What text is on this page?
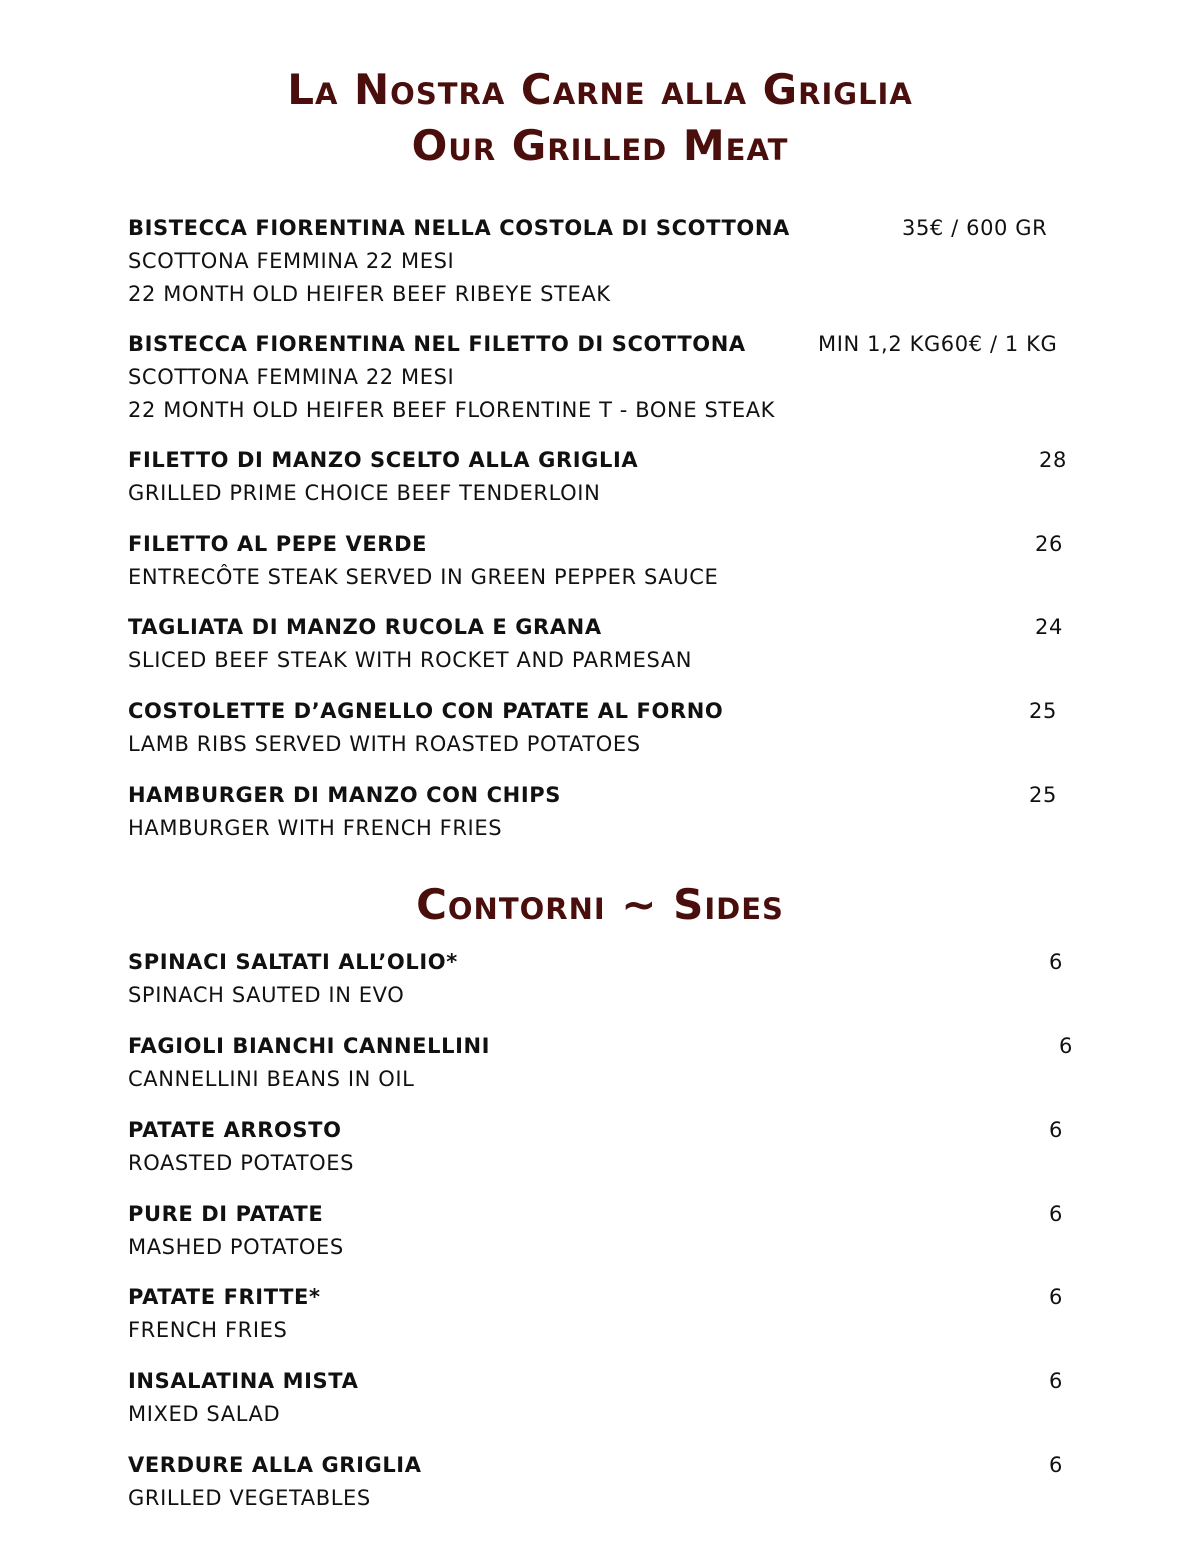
La Nostra Carne alla Griglia
Our Grilled Meat
BISTECCA FIORENTINA NELLA COSTOLA DI SCOTTONA
SCOTTONA FEMMINA 22 MESI
22 MONTH OLD HEIFER BEEF RIBEYE STEAK
35€ / 600 GR
BISTECCA FIORENTINA NEL FILETTO DI SCOTTONA
SCOTTONA FEMMINA 22 MESI
22 MONTH OLD HEIFER BEEF FLORENTINE T - BONE STEAK
MIN 1,2 KG60€ / 1 KG
FILETTO DI MANZO SCELTO ALLA GRIGLIA
GRILLED PRIME CHOICE BEEF TENDERLOIN
28
FILETTO AL PEPE VERDE
ENTRECÔTE STEAK SERVED IN GREEN PEPPER SAUCE
26
TAGLIATA DI MANZO RUCOLA E GRANA
SLICED BEEF STEAK WITH ROCKET AND PARMESAN
24
COSTOLETTE D’AGNELLO CON PATATE AL FORNO
LAMB RIBS SERVED WITH ROASTED POTATOES
25
HAMBURGER DI MANZO CON CHIPS
HAMBURGER WITH FRENCH FRIES
25
Contorni ~ Sides
SPINACI SALTATI ALL’OLIO*
SPINACH SAUTED IN EVO
6
FAGIOLI BIANCHI CANNELLINI
CANNELLINI BEANS IN OIL
6
PATATE ARROSTO
ROASTED POTATOES
6
PURE DI PATATE
MASHED POTATOES
6
PATATE FRITTE*
FRENCH FRIES
6
INSALATINA MISTA
MIXED SALAD
6
VERDURE ALLA GRIGLIA
GRILLED VEGETABLES
6
